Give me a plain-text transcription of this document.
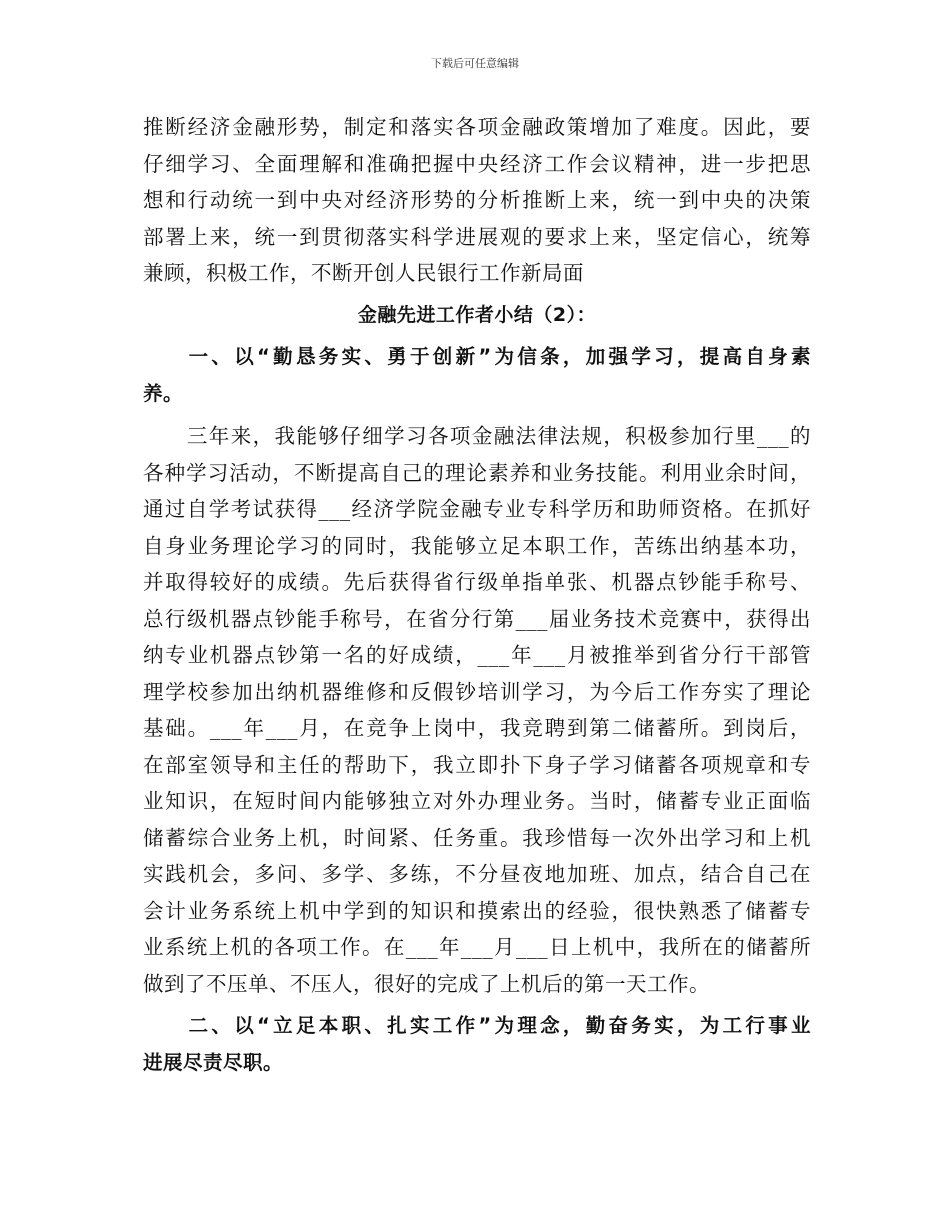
下载后可任意编辑
推断经济金融形势，制定和落实各项金融政策增加了难度。因此，要
仔细学习、全面理解和准确把握中央经济工作会议精神，进一步把思
想和行动统一到中央对经济形势的分析推断上来，统一到中央的决策
部署上来，统一到贯彻落实科学进展观的要求上来，坚定信心，统筹
兼顾，积极工作，不断开创人民银行工作新局面
金融先进工作者小结（2）：
　　一、以“勤恳务实、勇于创新”为信条，加强学习，提高自身素
养。
　　三年来，我能够仔细学习各项金融法律法规，积极参加行里___的
各种学习活动，不断提高自己的理论素养和业务技能。利用业余时间，
通过自学考试获得___经济学院金融专业专科学历和助师资格。在抓好
自身业务理论学习的同时，我能够立足本职工作，苦练出纳基本功，
并取得较好的成绩。先后获得省行级单指单张、机器点钞能手称号、
总行级机器点钞能手称号，在省分行第___届业务技术竞赛中，获得出
纳专业机器点钞第一名的好成绩，___年___月被推举到省分行干部管
理学校参加出纳机器维修和反假钞培训学习，为今后工作夯实了理论
基础。___年___月，在竞争上岗中，我竞聘到第二储蓄所。到岗后，
在部室领导和主任的帮助下，我立即扑下身子学习储蓄各项规章和专
业知识，在短时间内能够独立对外办理业务。当时，储蓄专业正面临
储蓄综合业务上机，时间紧、任务重。我珍惜每一次外出学习和上机
实践机会，多问、多学、多练，不分昼夜地加班、加点，结合自己在
会计业务系统上机中学到的知识和摸索出的经验，很快熟悉了储蓄专
业系统上机的各项工作。在___年___月___日上机中，我所在的储蓄所
做到了不压单、不压人，很好的完成了上机后的第一天工作。
　　二、以“立足本职、扎实工作”为理念，勤奋务实，为工行事业
进展尽责尽职。
